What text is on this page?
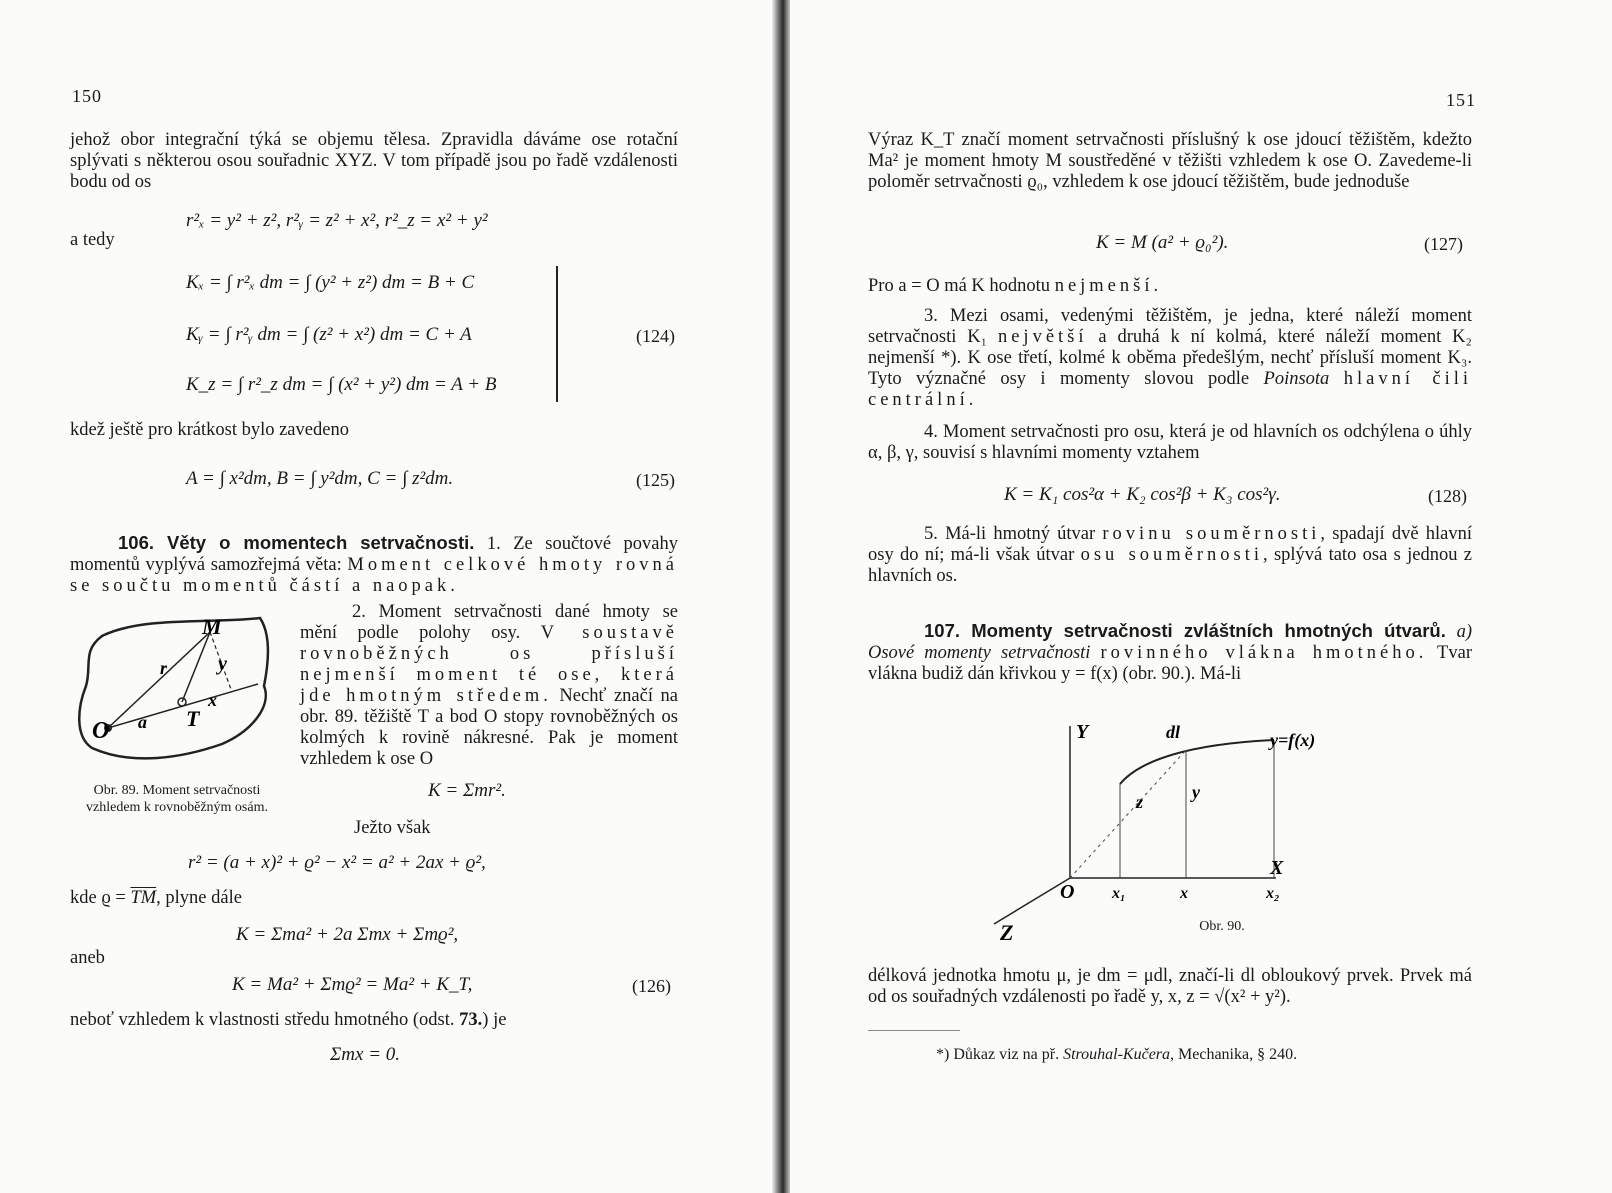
150

jehož obor integrační týká se objemu tělesa. Zpravidla dáváme ose rotační splývati s některou osou souřadnic XYZ. V tom případě jsou po řadě vzdálenosti bodu od os

r²ₓ = y² + z², r²ᵧ = z² + x², r²_z = x² + y²
a tedy
Kₓ = ∫ r²ₓ dm = ∫ (y² + z²) dm = B + C
Kᵧ = ∫ r²ᵧ dm = ∫ (z² + x²) dm = C + A
K_z = ∫ r²_z dm = ∫ (x² + y²) dm = A + B
(124)
kdež ještě pro krátkost bylo zavedeno
A = ∫ x²dm, B = ∫ y²dm, C = ∫ z²dm.	(125)

106. Věty o momentech setrvačnosti. 1. Ze součtové povahy momentů vyplývá samozřejmá věta: Moment celkové hmoty rovná se součtu momentů částí a naopak.

2. Moment setrvačnosti dané hmoty se mění podle polohy osy. V soustavě rovnoběžných os přísluší nejmenší moment té ose, která jde hmotným středem. Nechť značí na obr. 89. těžiště T a bod O stopy rovnoběžných os kolmých k rovině nákresné. Pak je moment vzhledem k ose O

M
r	y
O a T
x
Obr. 89. Moment setrvačnosti vzhledem k rovnoběžným osám.
K = Σmr².
Ježto však
r² = (a + x)² + ϱ² − x² = a² + 2ax + ϱ²,
kde $ϱ = \overline{TM}$, plyne dále
K = Σma² + 2a Σmx + Σmϱ²,
aneb
K = Ma² + Σmϱ² = Ma² + K_T,	(126)
neboť vzhledem k vlastnosti středu hmotného (odst. 73.) je
Σmx = 0.
151
Výraz K_T značí moment setrvačnosti příslušný k ose jdoucí těžištěm, kdežto Ma² je moment hmoty M soustředěné v těžišti vzhledem k ose O. Zavedeme-li poloměr setrvačnosti ϱ₀, vzhledem k ose jdoucí těžištěm, bude jednoduše
K = M (a² + ϱ₀²).	(127)
Pro a = O má K hodnotu nejmenší.

3. Mezi osami, vedenými těžištěm, je jedna, které náleží moment setrvačnosti K₁ největší a druhá k ní kolmá, které náleží moment K₂ nejmenší *). K ose třetí, kolmé k oběma předešlým, nechť přísluší moment K₃. Tyto význačné osy i momenty slovou podle Poinsota hlavní čili centrální.

4. Moment setrvačnosti pro osu, která je od hlavních os odchýlena o úhly α, β, γ, souvisí s hlavními momenty vztahem

K = K₁ cos²α + K₂ cos²β + K₃ cos²γ.	(128)

5. Má-li hmotný útvar rovinu souměrnosti, spadají dvě hlavní osy do ní; má-li však útvar osu souměrnosti, splývá tato osa s jednou z hlavních os.

107. Momenty setrvačnosti zvláštních hmotných útvarů. a) Osové momenty setrvačnosti rovinného vlákna hmotného. Tvar vlákna budiž dán křivkou y = f(x) (obr. 90.). Má-li

Y	dl	y=f(x)
z	y
X
O x₁	x	x₂
Z	Obr. 90.
délková jednotka hmotu μ, je dm = μdl, značí-li dl obloukový prvek. Prvek má od os souřadných vzdálenosti po řadě y, x, z = √(x² + y²).
*) Důkaz viz na př. Strouhal-Kučera, Mechanika, § 240.
